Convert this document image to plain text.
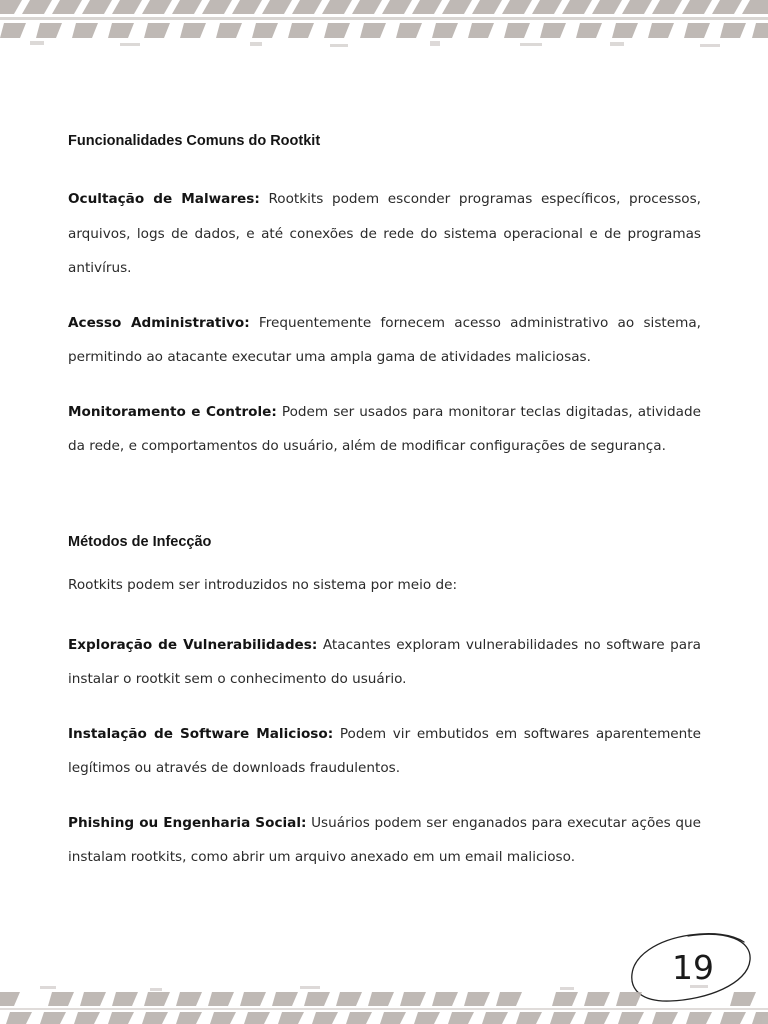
Funcionalidades Comuns do Rootkit

Ocultação de Malwares: Rootkits podem esconder programas específicos, processos, arquivos, logs de dados, e até conexões de rede do sistema operacional e de programas antivírus.

Acesso Administrativo: Frequentemente fornecem acesso administrativo ao sistema, permitindo ao atacante executar uma ampla gama de atividades maliciosas.

Monitoramento e Controle: Podem ser usados para monitorar teclas digitadas, atividade da rede, e comportamentos do usuário, além de modificar configurações de segurança.

Métodos de Infecção

Rootkits podem ser introduzidos no sistema por meio de:

Exploração de Vulnerabilidades: Atacantes exploram vulnerabilidades no software para instalar o rootkit sem o conhecimento do usuário.

Instalação de Software Malicioso: Podem vir embutidos em softwares aparentemente legítimos ou através de downloads fraudulentos.

Phishing ou Engenharia Social: Usuários podem ser enganados para executar ações que instalam rootkits, como abrir um arquivo anexado em um email malicioso.

19
